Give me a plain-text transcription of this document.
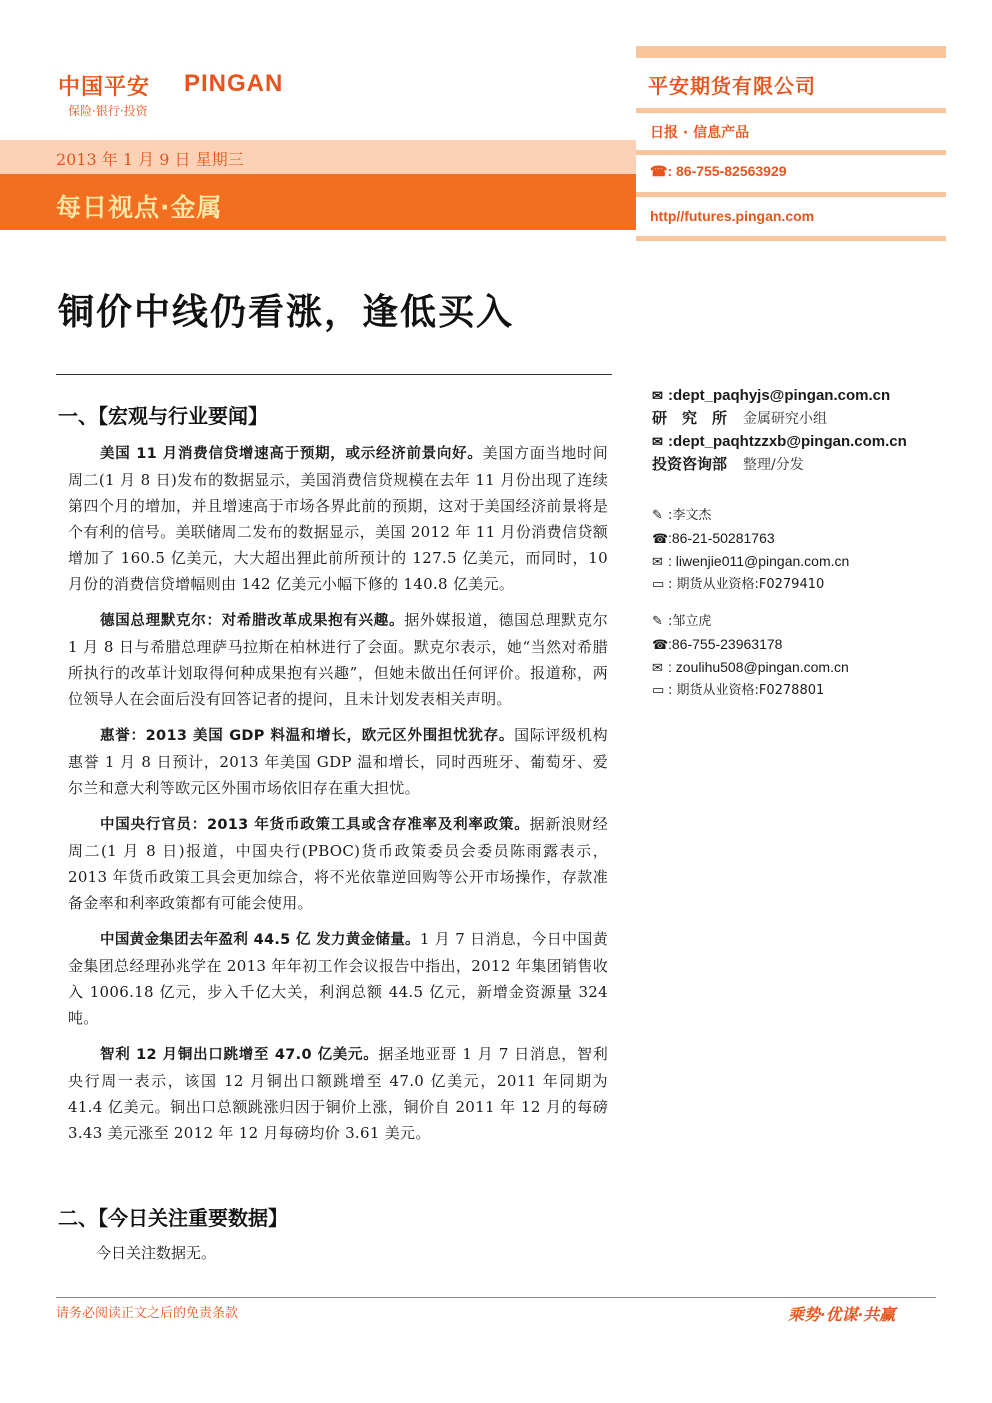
中国平安 PINGAN
保险·银行·投资
2013 年 1 月 9 日 星期三
每日视点·金属
平安期货有限公司
日报 · 信息产品
☎: 86-755-82563929
http//futures.pingan.com
铜价中线仍看涨，逢低买入
✉ :dept_paqhyjs@pingan.com.cn
研　究　所 金属研究小组
✉ :dept_paqhtzzxb@pingan.com.cn
投资咨询部 整理/分发
✎ :李文杰
☎:86-21-50281763
✉ : liwenjie011@pingan.com.cn
▭ : 期货从业资格:F0279410
✎ :邹立虎
☎:86-755-23963178
✉ : zoulihu508@pingan.com.cn
▭ : 期货从业资格:F0278801
一、【宏观与行业要闻】

美国 11 月消费信贷增速高于预期，或示经济前景向好。美国方面当地时间周二(1 月 8 日)发布的数据显示，美国消费信贷规模在去年 11 月份出现了连续第四个月的增加，并且增速高于市场各界此前的预期，这对于美国经济前景将是个有利的信号。美联储周二发布的数据显示，美国 2012 年 11 月份消费信贷额增加了 160.5 亿美元，大大超出狸此前所预计的 127.5 亿美元，而同时，10 月份的消费信贷增幅则由 142 亿美元小幅下修的 140.8 亿美元。

德国总理默克尔：对希腊改革成果抱有兴趣。据外媒报道，德国总理默克尔 1 月 8 日与希腊总理萨马拉斯在柏林进行了会面。默克尔表示，她“当然对希腊所执行的改革计划取得何种成果抱有兴趣”，但她未做出任何评价。报道称，两位领导人在会面后没有回答记者的提问，且未计划发表相关声明。

惠誉：2013 美国 GDP 料温和增长，欧元区外围担忧犹存。国际评级机构惠誉 1 月 8 日预计，2013 年美国 GDP 温和增长，同时西班牙、葡萄牙、爱尔兰和意大利等欧元区外围市场依旧存在重大担忧。

中国央行官员：2013 年货币政策工具或含存准率及利率政策。据新浪财经周二(1 月 8 日)报道，中国央行(PBOC)货币政策委员会委员陈雨露表示，2013 年货币政策工具会更加综合，将不光依靠逆回购等公开市场操作，存款准备金率和利率政策都有可能会使用。

中国黄金集团去年盈利 44.5 亿 发力黄金储量。1 月 7 日消息，今日中国黄金集团总经理孙兆学在 2013 年年初工作会议报告中指出，2012 年集团销售收入 1006.18 亿元，步入千亿大关，利润总额 44.5 亿元，新增金资源量 324 吨。

智利 12 月铜出口跳增至 47.0 亿美元。据圣地亚哥 1 月 7 日消息，智利央行周一表示，该国 12 月铜出口额跳增至 47.0 亿美元，2011 年同期为 41.4 亿美元。铜出口总额跳涨归因于铜价上涨，铜价自 2011 年 12 月的每磅 3.43 美元涨至 2012 年 12 月每磅均价 3.61 美元。

二、【今日关注重要数据】
今日关注数据无。
请务必阅读正文之后的免责条款	乘势·优谋·共赢
